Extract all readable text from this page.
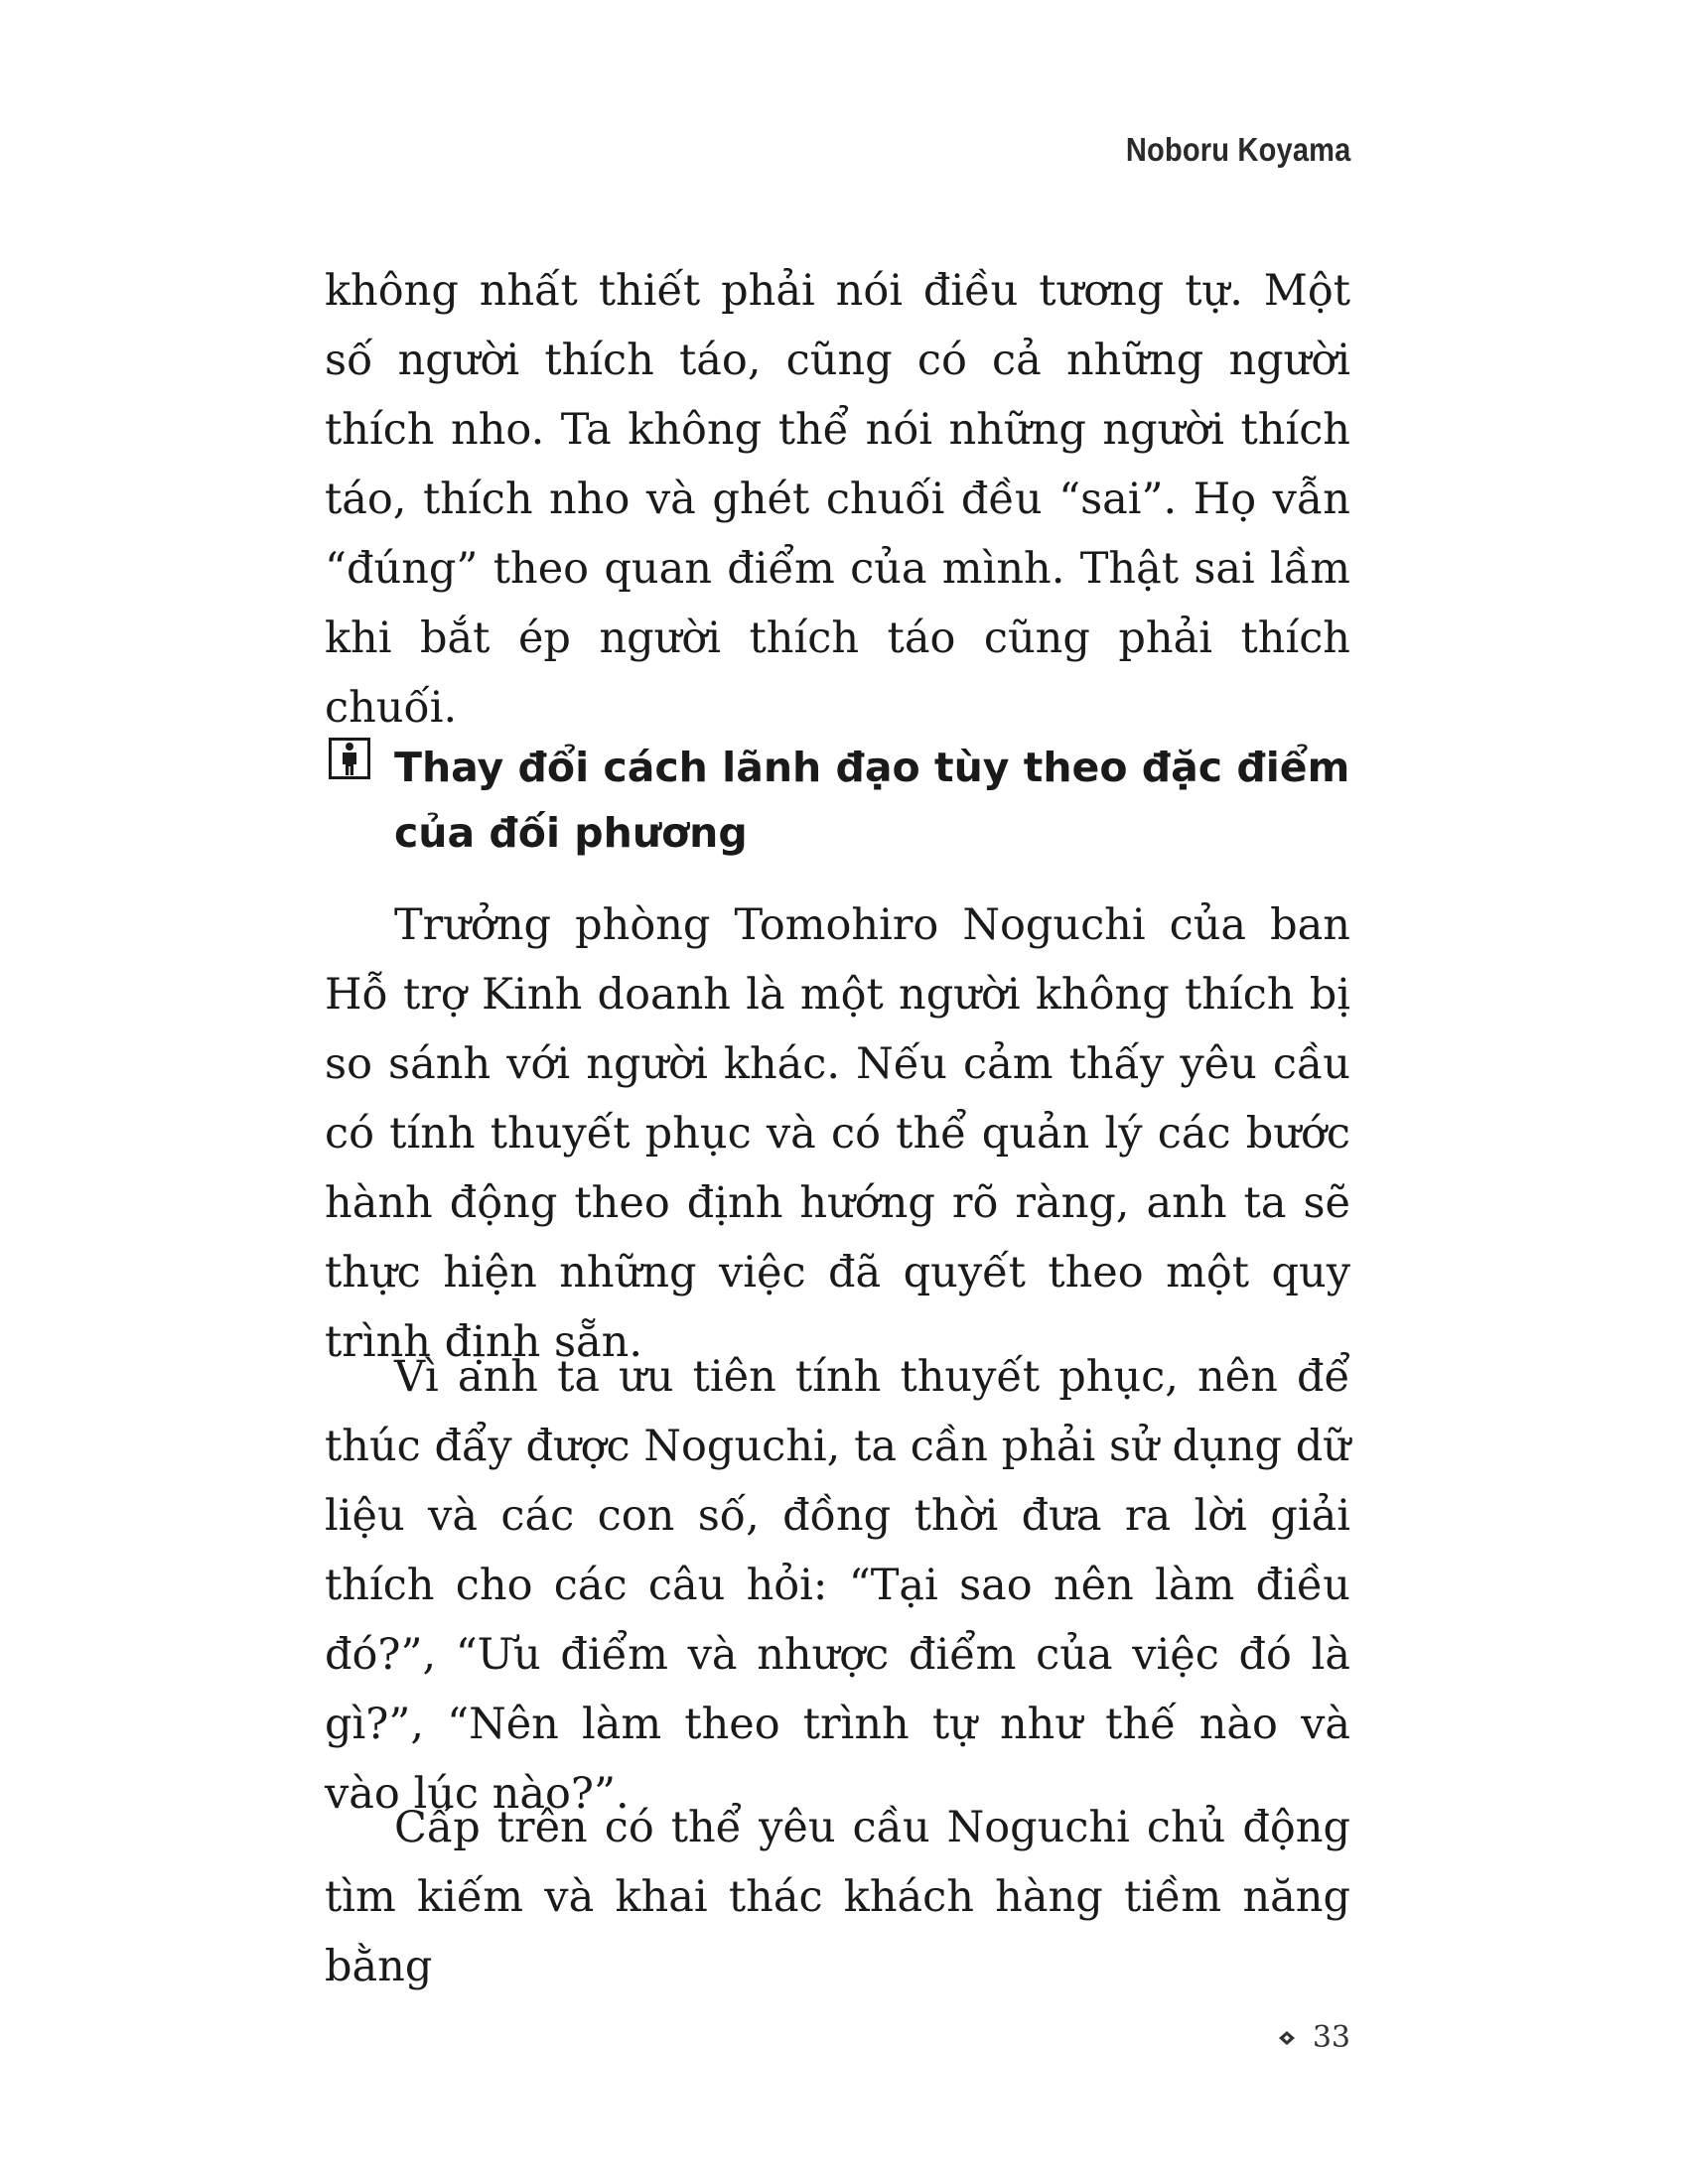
Noboru Koyama

không nhất thiết phải nói điều tương tự. Một số người thích táo, cũng có cả những người thích nho. Ta không thể nói những người thích táo, thích nho và ghét chuối đều “sai”. Họ vẫn “đúng” theo quan điểm của mình. Thật sai lầm khi bắt ép người thích táo cũng phải thích chuối.

Thay đổi cách lãnh đạo tùy theo đặc điểm của đối phương

Trưởng phòng Tomohiro Noguchi của ban Hỗ trợ Kinh doanh là một người không thích bị so sánh với người khác. Nếu cảm thấy yêu cầu có tính thuyết phục và có thể quản lý các bước hành động theo định hướng rõ ràng, anh ta sẽ thực hiện những việc đã quyết theo một quy trình định sẵn.

Vì anh ta ưu tiên tính thuyết phục, nên để thúc đẩy được Noguchi, ta cần phải sử dụng dữ liệu và các con số, đồng thời đưa ra lời giải thích cho các câu hỏi: “Tại sao nên làm điều đó?”, “Ưu điểm và nhược điểm của việc đó là gì?”, “Nên làm theo trình tự như thế nào và vào lúc nào?”.

Cấp trên có thể yêu cầu Noguchi chủ động tìm kiếm và khai thác khách hàng tiềm năng bằng

33
